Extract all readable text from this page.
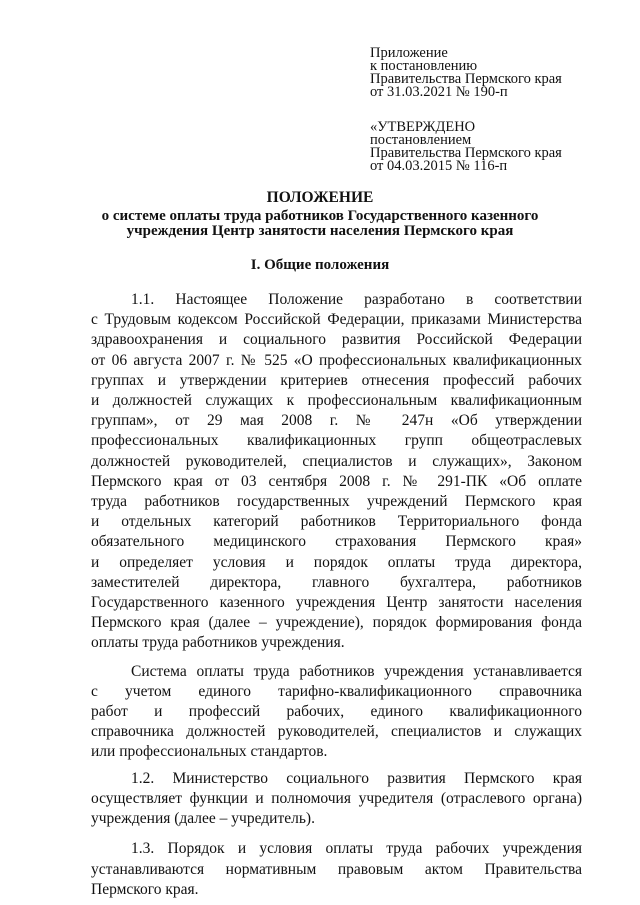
Приложение
к постановлению
Правительства Пермского края
от 31.03.2021 № 190-п
«УТВЕРЖДЕНО
постановлением
Правительства Пермского края
от 04.03.2015 № 116-п
ПОЛОЖЕНИЕ
о системе оплаты труда работников Государственного казенного
учреждения Центр занятости населения Пермского края
I. Общие положения
1.1. Настоящее Положение разработано в соответствии
с Трудовым кодексом Российской Федерации, приказами Министерства
здравоохранения и социального развития Российской Федерации
от 06 августа 2007 г. № 525 «О профессиональных квалификационных
группах и утверждении критериев отнесения профессий рабочих
и должностей служащих к профессиональным квалификационным
группам», от 29 мая 2008 г. № 247н «Об утверждении
профессиональных квалификационных групп общеотраслевых
должностей руководителей, специалистов и служащих», Законом
Пермского края от 03 сентября 2008 г. № 291-ПК «Об оплате
труда работников государственных учреждений Пермского края
и отдельных категорий работников Территориального фонда
обязательного медицинского страхования Пермского края»
и определяет условия и порядок оплаты труда директора,
заместителей директора, главного бухгалтера, работников
Государственного казенного учреждения Центр занятости населения
Пермского края (далее – учреждение), порядок формирования фонда
оплаты труда работников учреждения.
Система оплаты труда работников учреждения устанавливается
с учетом единого тарифно-квалификационного справочника
работ и профессий рабочих, единого квалификационного
справочника должностей руководителей, специалистов и служащих
или профессиональных стандартов.
1.2. Министерство социального развития Пермского края
осуществляет функции и полномочия учредителя (отраслевого органа)
учреждения (далее – учредитель).
1.3. Порядок и условия оплаты труда рабочих учреждения
устанавливаются нормативным правовым актом Правительства
Пермского края.
